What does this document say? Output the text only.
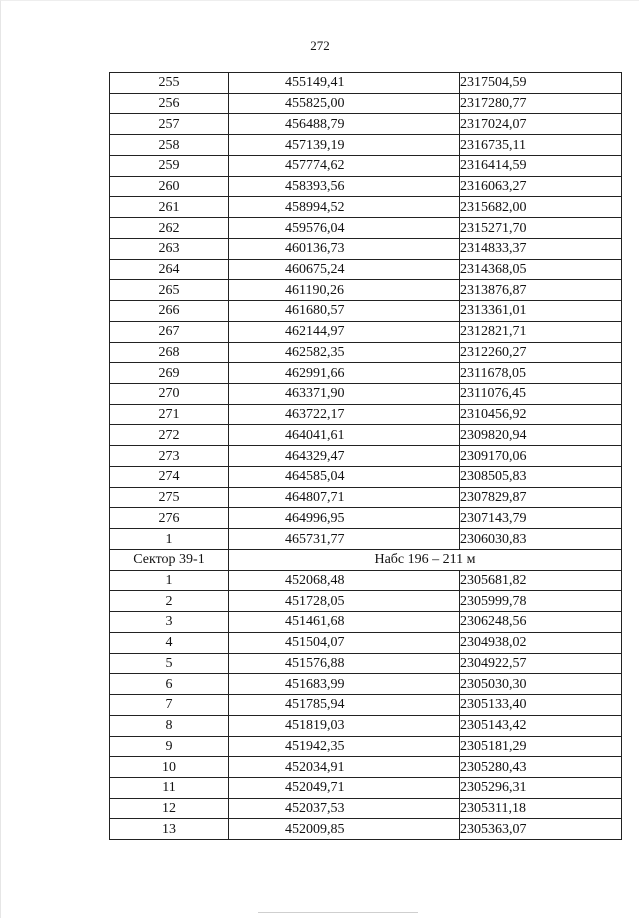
272
255	455149,41	2317504,59
256	455825,00	2317280,77
257	456488,79	2317024,07
258	457139,19	2316735,11
259	457774,62	2316414,59
260	458393,56	2316063,27
261	458994,52	2315682,00
262	459576,04	2315271,70
263	460136,73	2314833,37
264	460675,24	2314368,05
265	461190,26	2313876,87
266	461680,57	2313361,01
267	462144,97	2312821,71
268	462582,35	2312260,27
269	462991,66	2311678,05
270	463371,90	2311076,45
271	463722,17	2310456,92
272	464041,61	2309820,94
273	464329,47	2309170,06
274	464585,04	2308505,83
275	464807,71	2307829,87
276	464996,95	2307143,79
1	465731,77	2306030,83
Сектор 39-1	Набс 196 – 211 м	
1	452068,48	2305681,82
2	451728,05	2305999,78
3	451461,68	2306248,56
4	451504,07	2304938,02
5	451576,88	2304922,57
6	451683,99	2305030,30
7	451785,94	2305133,40
8	451819,03	2305143,42
9	451942,35	2305181,29
10	452034,91	2305280,43
11	452049,71	2305296,31
12	452037,53	2305311,18
13	452009,85	2305363,07
